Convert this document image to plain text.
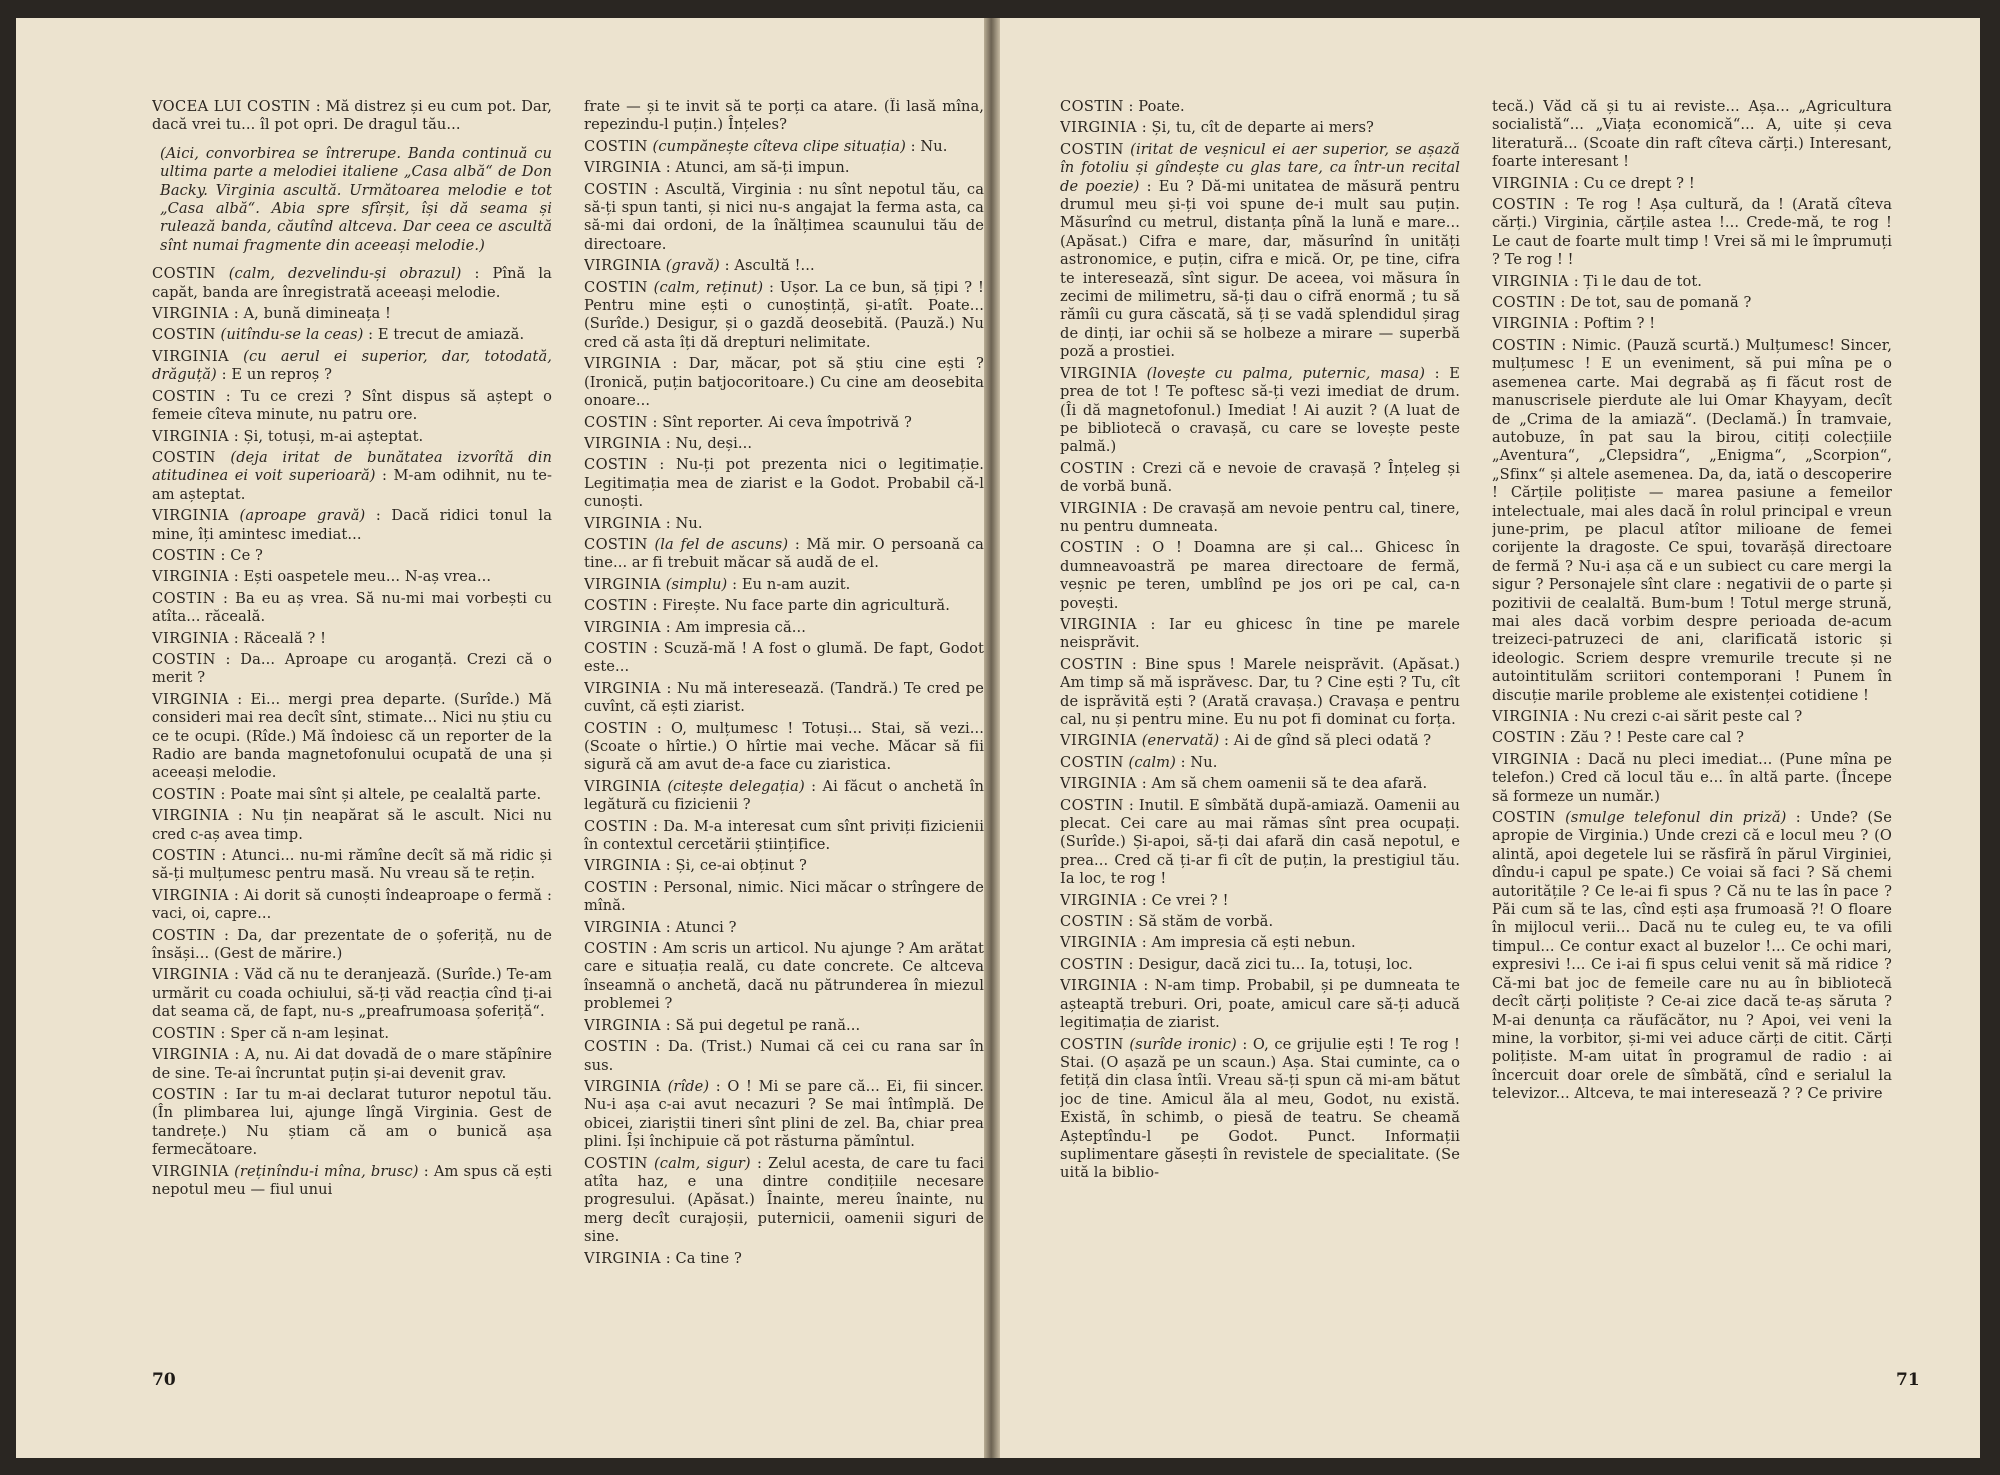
VOCEA LUI COSTIN : Mă distrez și eu cum pot. Dar, dacă vrei tu... îl pot opri. De dragul tău...

(Aici, convorbirea se întrerupe. Banda continuă cu ultima parte a melodiei italiene „Casa albă“ de Don Backy. Virginia ascultă. Următoarea melodie e tot „Casa albă“. Abia spre sfîrșit, își dă seama și rulează banda, căutînd altceva. Dar ceea ce ascultă sînt numai fragmente din aceeași melodie.)

COSTIN (calm, dezvelindu-și obrazul) : Pînă la capăt, banda are înregistrată aceeași melodie.

VIRGINIA : A, bună dimineața !

COSTIN (uitîndu-se la ceas) : E trecut de amiază.

VIRGINIA (cu aerul ei superior, dar, totodată, drăguță) : E un reproș ?

COSTIN : Tu ce crezi ? Sînt dispus să aștept o femeie cîteva minute, nu patru ore.

VIRGINIA : Și, totuși, m-ai așteptat.

COSTIN (deja iritat de bunătatea izvorîtă din atitudinea ei voit superioară) : M-am odihnit, nu te-am așteptat.

VIRGINIA (aproape gravă) : Dacă ridici tonul la mine, îți amintesc imediat...

COSTIN : Ce ?

VIRGINIA : Ești oaspetele meu... N-aș vrea...

COSTIN : Ba eu aș vrea. Să nu-mi mai vorbești cu atîta... răceală.

VIRGINIA : Răceală ? !

COSTIN : Da... Aproape cu aroganță. Crezi că o merit ?

VIRGINIA : Ei... mergi prea departe. (Surîde.) Mă consideri mai rea decît sînt, stimate... Nici nu știu cu ce te ocupi. (Rîde.) Mă îndoiesc că un reporter de la Radio are banda magnetofonului ocupată de una și aceeași melodie.

COSTIN : Poate mai sînt și altele, pe cealaltă parte.

VIRGINIA : Nu țin neapărat să le ascult. Nici nu cred c-aș avea timp.

COSTIN : Atunci... nu-mi rămîne decît să mă ridic și să-ți mulțumesc pentru masă. Nu vreau să te rețin.

VIRGINIA : Ai dorit să cunoști îndeaproape o fermă : vaci, oi, capre...

COSTIN : Da, dar prezentate de o șoferiță, nu de însăși... (Gest de mărire.)

VIRGINIA : Văd că nu te deranjează. (Surîde.) Te-am urmărit cu coada ochiului, să-ți văd reacția cînd ți-ai dat seama că, de fapt, nu-s „preafrumoasa șoferiță“.

COSTIN : Sper că n-am leșinat.

VIRGINIA : A, nu. Ai dat dovadă de o mare stăpînire de sine. Te-ai încruntat puțin și-ai devenit grav.

COSTIN : Iar tu m-ai declarat tuturor nepotul tău. (În plimbarea lui, ajunge lîngă Virginia. Gest de tandrețe.) Nu știam că am o bunică așa fermecătoare.

VIRGINIA (reținîndu-i mîna, brusc) : Am spus că ești nepotul meu — fiul unui

frate — și te invit să te porți ca atare. (Îi lasă mîna, repezindu-l puțin.) Înțeles?

COSTIN (cumpănește cîteva clipe situația) : Nu.

VIRGINIA : Atunci, am să-ți impun.

COSTIN : Ascultă, Virginia : nu sînt nepotul tău, ca să-ți spun tanti, și nici nu-s angajat la ferma asta, ca să-mi dai ordoni, de la înălțimea scaunului tău de directoare.

VIRGINIA (gravă) : Ascultă !...

COSTIN (calm, reținut) : Ușor. La ce bun, să țipi ? ! Pentru mine ești o cunoștință, și-atît. Poate... (Surîde.) Desigur, și o gazdă deosebită. (Pauză.) Nu cred că asta îți dă drepturi nelimitate.

VIRGINIA : Dar, măcar, pot să știu cine ești ? (Ironică, puțin batjocoritoare.) Cu cine am deosebita onoare...

COSTIN : Sînt reporter. Ai ceva împotrivă ?

VIRGINIA : Nu, deși...

COSTIN : Nu-ți pot prezenta nici o legitimație. Legitimația mea de ziarist e la Godot. Probabil că-l cunoști.

VIRGINIA : Nu.

COSTIN (la fel de ascuns) : Mă mir. O persoană ca tine... ar fi trebuit măcar să audă de el.

VIRGINIA (simplu) : Eu n-am auzit.

COSTIN : Firește. Nu face parte din agricultură.

VIRGINIA : Am impresia că...

COSTIN : Scuză-mă ! A fost o glumă. De fapt, Godot este...

VIRGINIA : Nu mă interesează. (Tandră.) Te cred pe cuvînt, că ești ziarist.

COSTIN : O, mulțumesc ! Totuși... Stai, să vezi... (Scoate o hîrtie.) O hîrtie mai veche. Măcar să fii sigură că am avut de-a face cu ziaristica.

VIRGINIA (citește delegația) : Ai făcut o anchetă în legătură cu fizicienii ?

COSTIN : Da. M-a interesat cum sînt priviți fizicienii în contextul cercetării științifice.

VIRGINIA : Și, ce-ai obținut ?

COSTIN : Personal, nimic. Nici măcar o strîngere de mînă.

VIRGINIA : Atunci ?

COSTIN : Am scris un articol. Nu ajunge ? Am arătat care e situația reală, cu date concrete. Ce altceva înseamnă o anchetă, dacă nu pătrunderea în miezul problemei ?

VIRGINIA : Să pui degetul pe rană...

COSTIN : Da. (Trist.) Numai că cei cu rana sar în sus.

VIRGINIA (rîde) : O ! Mi se pare că... Ei, fii sincer. Nu-i așa c-ai avut necazuri ? Se mai întîmplă. De obicei, ziariștii tineri sînt plini de zel. Ba, chiar prea plini. Își închipuie că pot răsturna pămîntul.

COSTIN (calm, sigur) : Zelul acesta, de care tu faci atîta haz, e una dintre condițiile necesare progresului. (Apăsat.) Înainte, mereu înainte, nu merg decît curajoșii, puternicii, oamenii siguri de sine.

VIRGINIA : Ca tine ?

70

COSTIN : Poate.

VIRGINIA : Și, tu, cît de departe ai mers?

COSTIN (iritat de veșnicul ei aer superior, se așază în fotoliu și gîndește cu glas tare, ca într-un recital de poezie) : Eu ? Dă-mi unitatea de măsură pentru drumul meu și-ți voi spune de-i mult sau puțin. Măsurînd cu metrul, distanța pînă la lună e mare... (Apăsat.) Cifra e mare, dar, măsurînd în unități astronomice, e puțin, cifra e mică. Or, pe tine, cifra te interesează, sînt sigur. De aceea, voi măsura în zecimi de milimetru, să-ți dau o cifră enormă ; tu să rămîi cu gura căscată, să ți se vadă splendidul șirag de dinți, iar ochii să se holbeze a mirare — superbă poză a prostiei.

VIRGINIA (lovește cu palma, puternic, masa) : E prea de tot ! Te poftesc să-ți vezi imediat de drum. (Îi dă magnetofonul.) Imediat ! Ai auzit ? (A luat de pe bibliotecă o cravașă, cu care se lovește peste palmă.)

COSTIN : Crezi că e nevoie de cravașă ? Înțeleg și de vorbă bună.

VIRGINIA : De cravașă am nevoie pentru cal, tinere, nu pentru dumneata.

COSTIN : O ! Doamna are și cal... Ghicesc în dumneavoastră pe marea directoare de fermă, veșnic pe teren, umblînd pe jos ori pe cal, ca-n povești.

VIRGINIA : Iar eu ghicesc în tine pe marele neisprăvit.

COSTIN : Bine spus ! Marele neisprăvit. (Apăsat.) Am timp să mă isprăvesc. Dar, tu ? Cine ești ? Tu, cît de isprăvită ești ? (Arată cravașa.) Cravașa e pentru cal, nu și pentru mine. Eu nu pot fi dominat cu forța.

VIRGINIA (enervată) : Ai de gînd să pleci odată ?

COSTIN (calm) : Nu.

VIRGINIA : Am să chem oamenii să te dea afară.

COSTIN : Inutil. E sîmbătă după-amiază. Oamenii au plecat. Cei care au mai rămas sînt prea ocupați. (Surîde.) Și-apoi, să-ți dai afară din casă nepotul, e prea... Cred că ți-ar fi cît de puțin, la prestigiul tău. Ia loc, te rog !

VIRGINIA : Ce vrei ? !

COSTIN : Să stăm de vorbă.

VIRGINIA : Am impresia că ești nebun.

COSTIN : Desigur, dacă zici tu... Ia, totuși, loc.

VIRGINIA : N-am timp. Probabil, și pe dumneata te așteaptă treburi. Ori, poate, amicul care să-ți aducă legitimația de ziarist.

COSTIN (surîde ironic) : O, ce grijulie ești ! Te rog ! Stai. (O așază pe un scaun.) Așa. Stai cuminte, ca o fetiță din clasa întîi. Vreau să-ți spun că mi-am bătut joc de tine. Amicul ăla al meu, Godot, nu există. Există, în schimb, o piesă de teatru. Se cheamă Așteptîndu-l pe Godot. Punct. Informații suplimentare găsești în revistele de specialitate. (Se uită la biblio-

tecă.) Văd că și tu ai reviste... Așa... „Agricultura socialistă“... „Viața economică“... A, uite și ceva literatură... (Scoate din raft cîteva cărți.) Interesant, foarte interesant !

VIRGINIA : Cu ce drept ? !

COSTIN : Te rog ! Așa cultură, da ! (Arată cîteva cărți.) Virginia, cărțile astea !... Crede-mă, te rog ! Le caut de foarte mult timp ! Vrei să mi le împrumuți ? Te rog ! !

VIRGINIA : Ți le dau de tot.

COSTIN : De tot, sau de pomană ?

VIRGINIA : Poftim ? !

COSTIN : Nimic. (Pauză scurtă.) Mulțumesc! Sincer, mulțumesc ! E un eveniment, să pui mîna pe o asemenea carte. Mai degrabă aș fi făcut rost de manuscrisele pierdute ale lui Omar Khayyam, decît de „Crima de la amiază“. (Declamă.) În tramvaie, autobuze, în pat sau la birou, citiți colecțiile „Aventura“, „Clepsidra“, „Enigma“, „Scorpion“, „Sfinx“ și altele asemenea. Da, da, iată o descoperire ! Cărțile polițiste — marea pasiune a femeilor intelectuale, mai ales dacă în rolul principal e vreun june-prim, pe placul atîtor milioane de femei corijente la dragoste. Ce spui, tovarășă directoare de fermă ? Nu-i așa că e un subiect cu care mergi la sigur ? Personajele sînt clare : negativii de o parte și pozitivii de cealaltă. Bum-bum ! Totul merge strună, mai ales dacă vorbim despre perioada de-acum treizeci-patruzeci de ani, clarificată istoric și ideologic. Scriem despre vremurile trecute și ne autointitulăm scriitori contemporani ! Punem în discuție marile probleme ale existenței cotidiene !

VIRGINIA : Nu crezi c-ai sărit peste cal ?

COSTIN : Zău ? ! Peste care cal ?

VIRGINIA : Dacă nu pleci imediat... (Pune mîna pe telefon.) Cred că locul tău e... în altă parte. (Începe să formeze un număr.)

COSTIN (smulge telefonul din priză) : Unde? (Se apropie de Virginia.) Unde crezi că e locul meu ? (O alintă, apoi degetele lui se răsfiră în părul Virginiei, dîndu-i capul pe spate.) Ce voiai să faci ? Să chemi autoritățile ? Ce le-ai fi spus ? Că nu te las în pace ? Păi cum să te las, cînd ești așa frumoasă ?! O floare în mijlocul verii... Dacă nu te culeg eu, te va ofili timpul... Ce contur exact al buzelor !... Ce ochi mari, expresivi !... Ce i-ai fi spus celui venit să mă ridice ? Că-mi bat joc de femeile care nu au în bibliotecă decît cărți polițiste ? Ce-ai zice dacă te-aș săruta ? M-ai denunța ca răufăcător, nu ? Apoi, vei veni la mine, la vorbitor, și-mi vei aduce cărți de citit. Cărți polițiste. M-am uitat în programul de radio : ai încercuit doar orele de sîmbătă, cînd e serialul la televizor... Altceva, te mai interesează ? ? Ce privire

71
